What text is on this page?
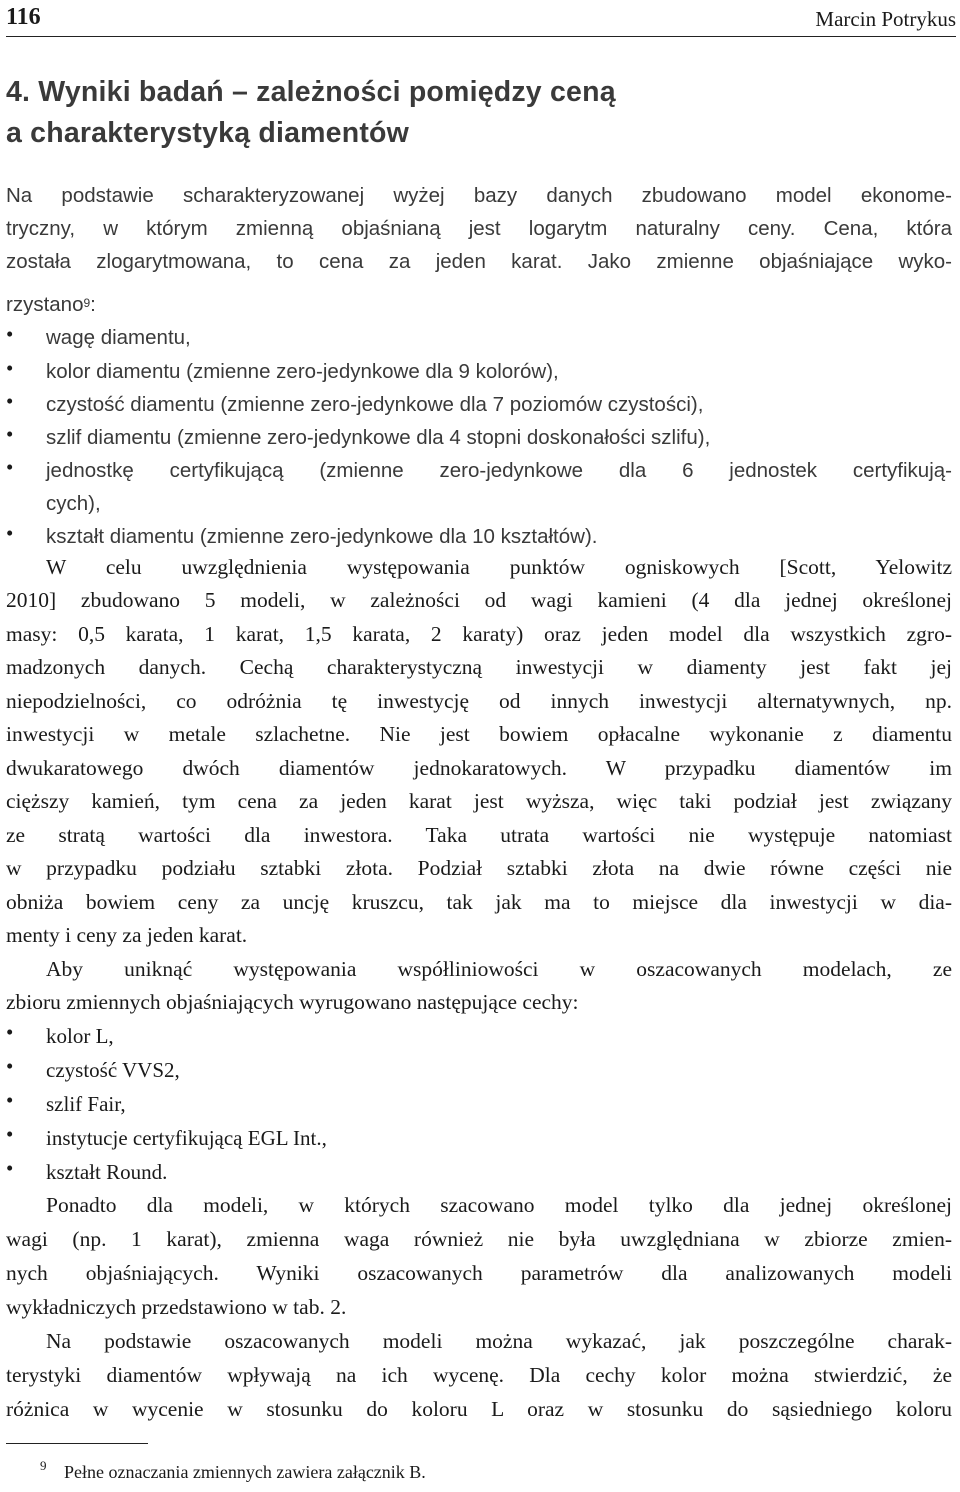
116	Marcin Potrykus
4. Wyniki badań – zależności pomiędzy ceną
a charakterystyką diamentów
Na podstawie scharakteryzowanej wyżej bazy danych zbudowano model ekonome-
tryczny, w którym zmienną objaśnianą jest logarytm naturalny ceny. Cena, która
została zlogarytmowana, to cena za jeden karat. Jako zmienne objaśniające wyko-
rzystano$^9$:
• wagę diamentu,
• kolor diamentu (zmienne zero-jedynkowe dla 9 kolorów),
• czystość diamentu (zmienne zero-jedynkowe dla 7 poziomów czystości),
• szlif diamentu (zmienne zero-jedynkowe dla 4 stopni doskonałości szlifu),
• jednostkę certyfikującą (zmienne zero-jedynkowe dla 6 jednostek certyfikują-
cych),
• kształt diamentu (zmienne zero-jedynkowe dla 10 kształtów).
W celu uwzględnienia występowania punktów ogniskowych [Scott, Yelowitz
2010] zbudowano 5 modeli, w zależności od wagi kamieni (4 dla jednej określonej
masy: 0,5 karata, 1 karat, 1,5 karata, 2 karaty) oraz jeden model dla wszystkich zgro-
madzonych danych. Cechą charakterystyczną inwestycji w diamenty jest fakt jej
niepodzielności, co odróżnia tę inwestycję od innych inwestycji alternatywnych, np.
inwestycji w metale szlachetne. Nie jest bowiem opłacalne wykonanie z diamentu
dwukaratowego dwóch diamentów jednokaratowych. W przypadku diamentów im
cięższy kamień, tym cena za jeden karat jest wyższa, więc taki podział jest związany
ze stratą wartości dla inwestora. Taka utrata wartości nie występuje natomiast
w przypadku podziału sztabki złota. Podział sztabki złota na dwie równe części nie
obniża bowiem ceny za uncję kruszcu, tak jak ma to miejsce dla inwestycji w dia-
menty i ceny za jeden karat.
Aby uniknąć występowania współliniowości w oszacowanych modelach, ze
zbioru zmiennych objaśniających wyrugowano następujące cechy:
• kolor L,
• czystość VVS2,
• szlif Fair,
• instytucje certyfikującą EGL Int.,
• kształt Round.
Ponadto dla modeli, w których szacowano model tylko dla jednej określonej
wagi (np. 1 karat), zmienna waga również nie była uwzględniana w zbiorze zmien-
nych objaśniających. Wyniki oszacowanych parametrów dla analizowanych modeli
wykładniczych przedstawiono w tab. 2.
Na podstawie oszacowanych modeli można wykazać, jak poszczególne charak-
terystyki diamentów wpływają na ich wycenę. Dla cechy kolor można stwierdzić, że
różnica w wycenie w stosunku do koloru L oraz w stosunku do sąsiedniego koloru
9 Pełne oznaczania zmiennych zawiera załącznik B.
